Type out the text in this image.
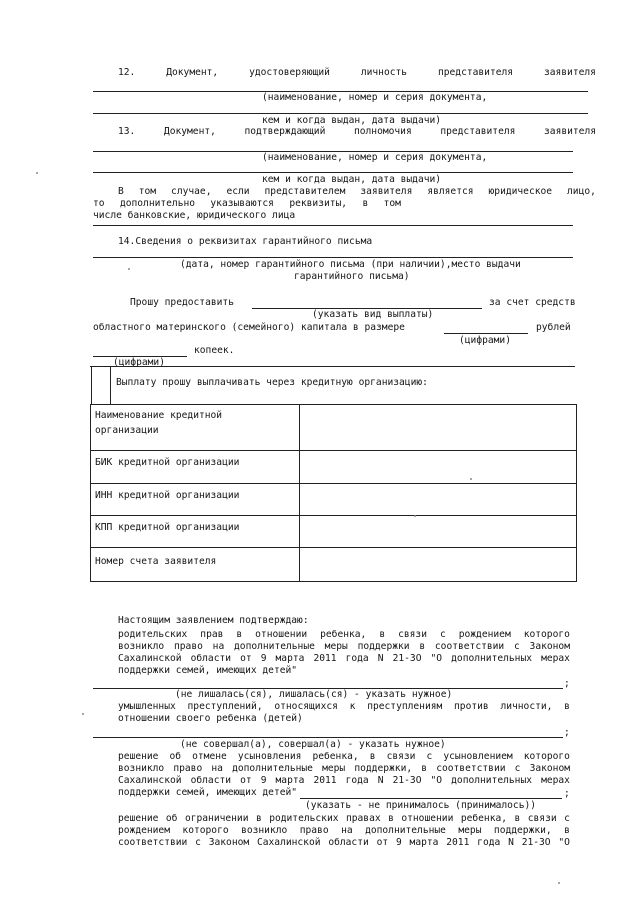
12.	Документ,	удостоверяющий	личность	представителя	заявителя
(наименование, номер и серия документа,
кем и когда выдан, дата выдачи)
13.	Документ,	подтверждающий	полномочия	представителя	заявителя
(наименование, номер и серия документа,
кем и когда выдан, дата выдачи)
В том случае, если представителем заявителя является юридическое лицо,
то дополнительно указываются реквизиты, в том
числе банковские, юридического лица
14.Сведения о реквизитах гарантийного письма
(дата, номер гарантийного письма (при наличии),место выдачи
гарантийного письма)
Прошу предоставить	за счет средств
(указать вид выплаты)
областного материнского (семейного) капитала в размере	рублей
(цифрами)
копеек.
(цифрами)
Выплату прошу выплачивать через кредитную организацию:
Наименование кредитной
организации
БИК кредитной организации
ИНН кредитной организации
КПП кредитной организации
Номер счета заявителя
Настоящим заявлением подтверждаю:
родительских прав в отношении ребенка, в связи с рождением которого
возникло право на дополнительные меры поддержки в соответствии с Законом
Сахалинской области от 9 марта 2011 года N 21-ЗО "О дополнительных мерах
поддержки семей, имеющих детей"
;
(не лишалась(ся), лишалась(ся) - указать нужное)
умышленных преступлений, относящихся к преступлениям против личности, в
отношении своего ребенка (детей)
;
(не совершал(а), совершал(а) - указать нужное)
решение об отмене усыновления ребенка, в связи с усыновлением которого
возникло право на дополнительные меры поддержки, в соответствии с Законом
Сахалинской области от 9 марта 2011 года N 21-ЗО "О дополнительных мерах
поддержки семей, имеющих детей"	;
(указать - не принималось (принималось))
решение об ограничении в родительских правах в отношении ребенка, в связи с
рождением которого возникло право на дополнительные меры поддержки, в
соответствии с Законом Сахалинской области от 9 марта 2011 года N 21-ЗО "О
